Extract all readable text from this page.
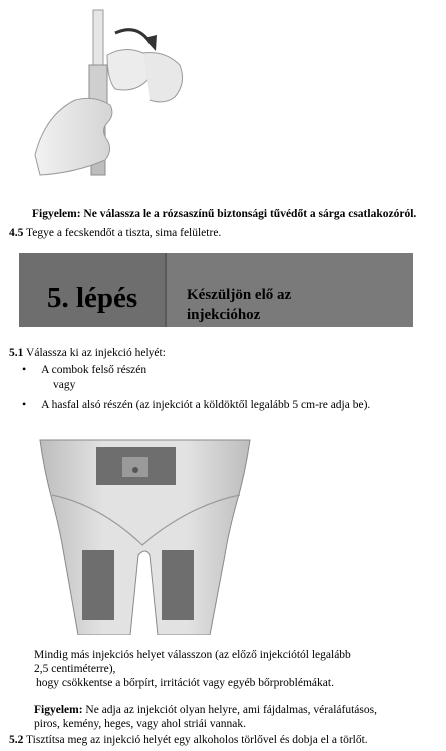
Figyelem: Ne válassza le a rózsaszínű biztonsági tűvédőt a sárga csatlakozóról.
4.5 Tegye a fecskendőt a tiszta, sima felületre.
5. lépés	Készüljön elő az
injekcióhoz
5.1 Válassza ki az injekció helyét:
• A combok felső részén
vagy
• A hasfal alsó részén (az injekciót a köldöktől legalább 5 cm-re adja be).
Mindig más injekciós helyet válasszon (az előző injekciótól legalább
2,5 centiméterre),
hogy csökkentse a bőrpírt, irritációt vagy egyéb bőrproblémákat.
Figyelem: Ne adja az injekciót olyan helyre, ami fájdalmas, véraláfutásos,
piros, kemény, heges, vagy ahol striái vannak.
5.2 Tisztítsa meg az injekció helyét egy alkoholos törlővel és dobja el a törlőt.
